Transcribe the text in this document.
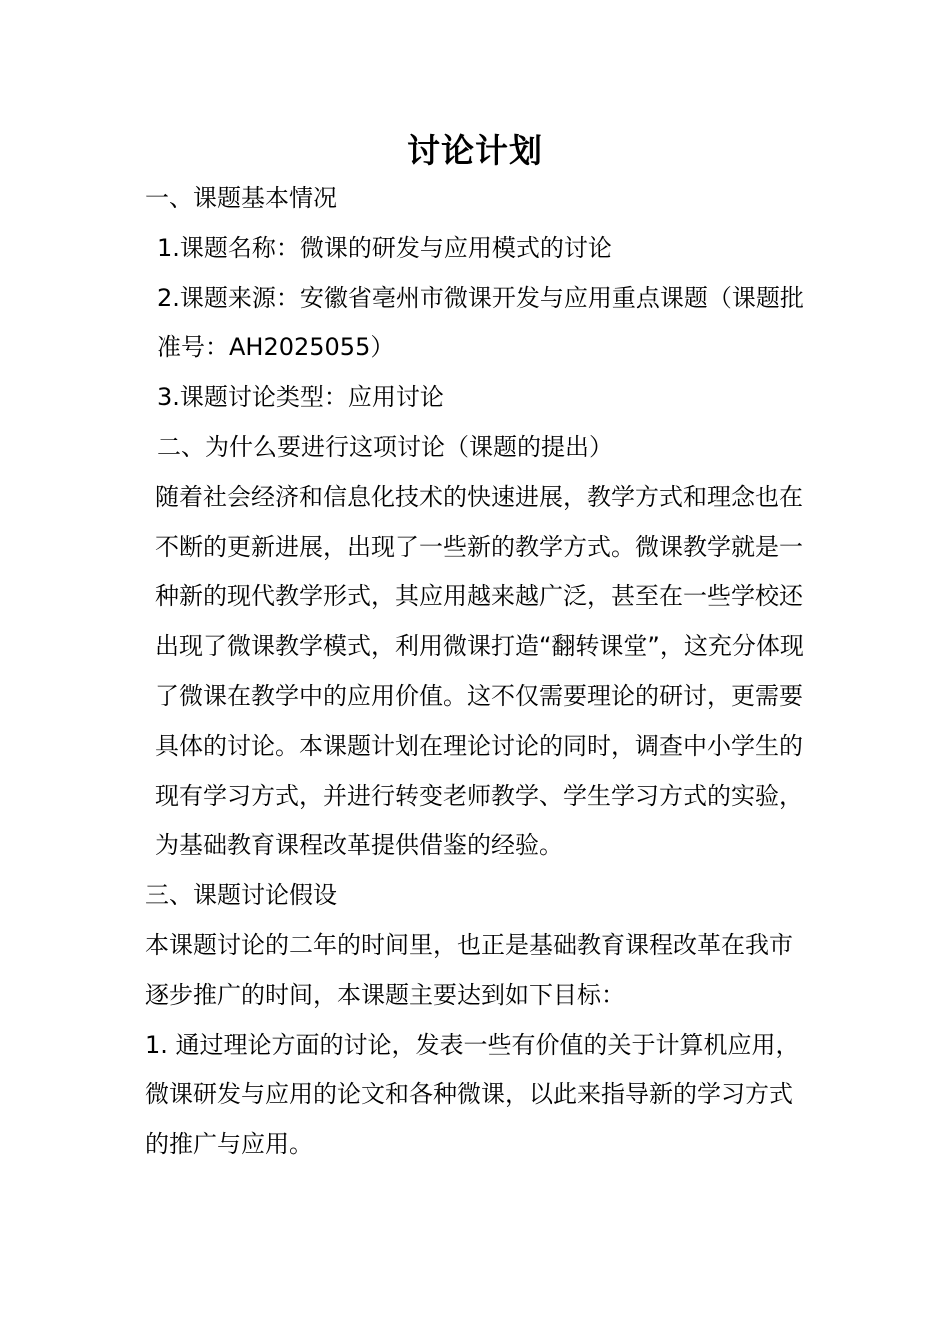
讨论计划

一、课题基本情况

1.课题名称：微课的研发与应用模式的讨论

2.课题来源：安徽省亳州市微课开发与应用重点课题（课题批准号：AH2025055）

3.课题讨论类型：应用讨论

二、为什么要进行这项讨论（课题的提出）

随着社会经济和信息化技术的快速进展，教学方式和理念也在不断的更新进展，出现了一些新的教学方式。微课教学就是一种新的现代教学形式，其应用越来越广泛，甚至在一些学校还出现了微课教学模式，利用微课打造“翻转课堂”，这充分体现了微课在教学中的应用价值。这不仅需要理论的研讨，更需要具体的讨论。本课题计划在理论讨论的同时，调查中小学生的现有学习方式，并进行转变老师教学、学生学习方式的实验，为基础教育课程改革提供借鉴的经验。

三、课题讨论假设

本课题讨论的二年的时间里，也正是基础教育课程改革在我市逐步推广的时间，本课题主要达到如下目标：

1. 通过理论方面的讨论，发表一些有价值的关于计算机应用，微课研发与应用的论文和各种微课，以此来指导新的学习方式的推广与应用。
